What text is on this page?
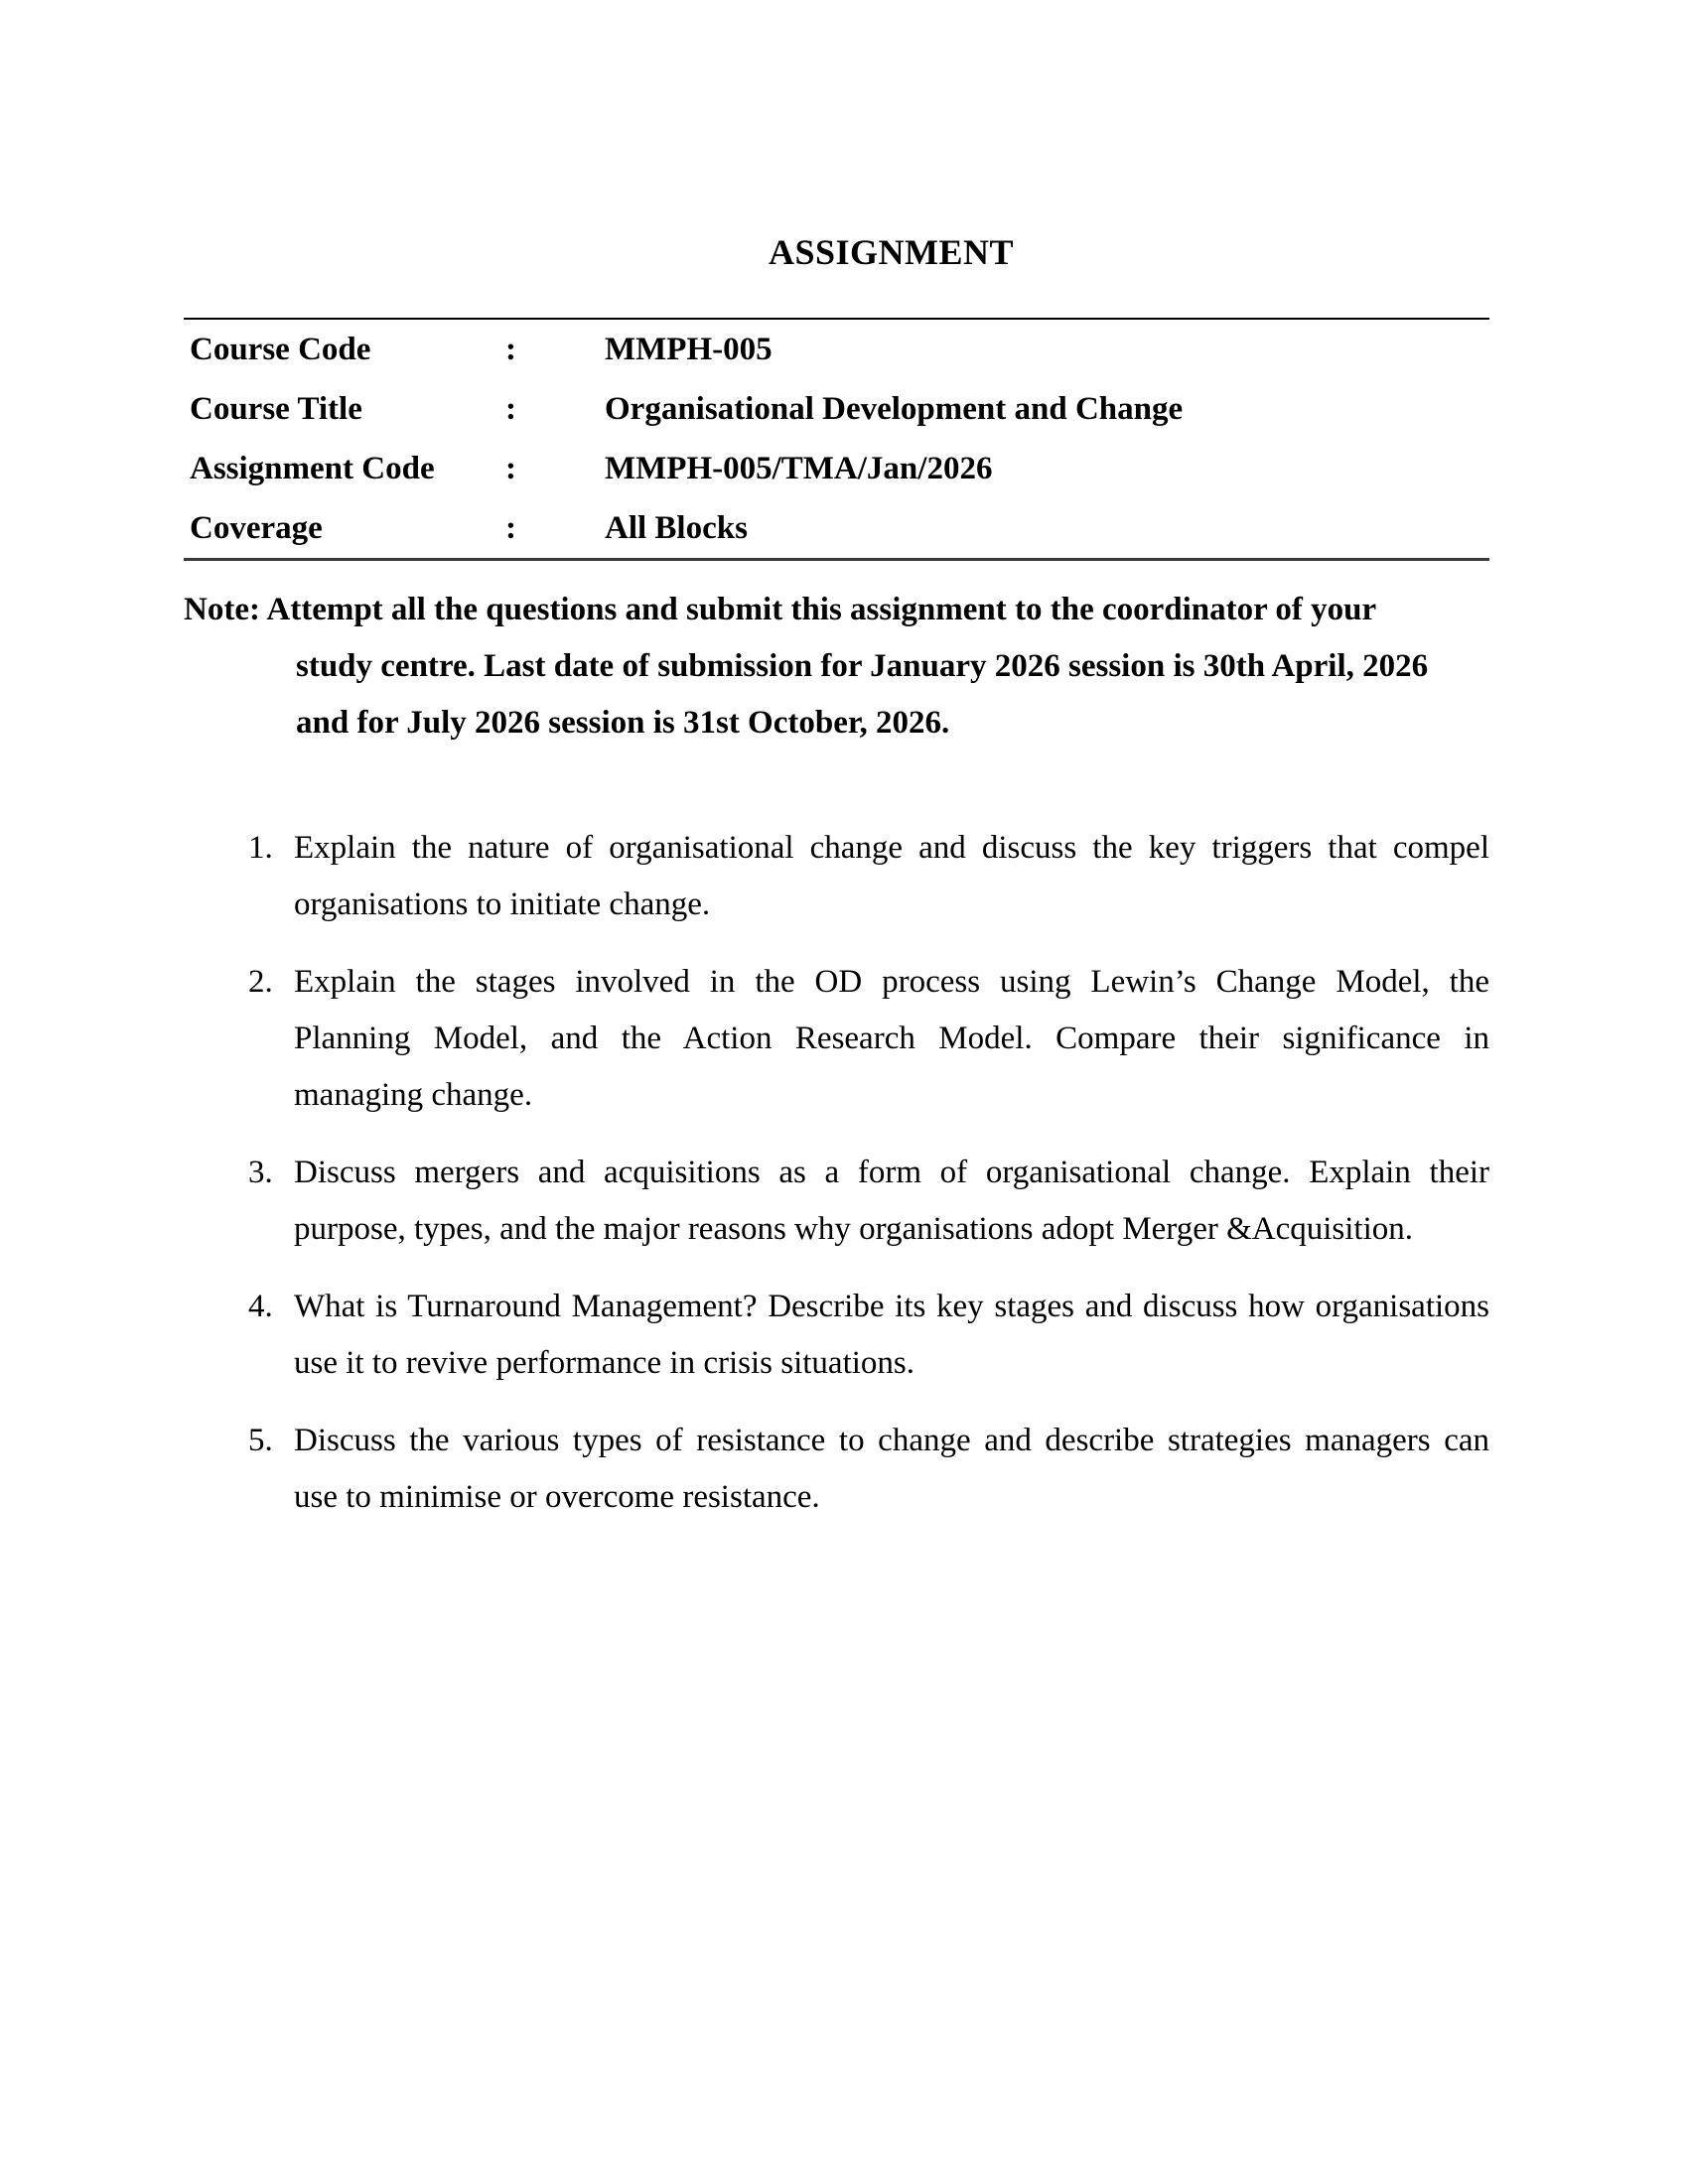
ASSIGNMENT
Course Code	:	MMPH-005
Course Title	:	Organisational Development and Change
Assignment Code	:	MMPH-005/TMA/Jan/2026
Coverage	:	All Blocks
Note: Attempt all the questions and submit this assignment to the coordinator of your
study centre. Last date of submission for January 2026 session is 30th April, 2026
and for July 2026 session is 31st October, 2026.
1. Explain the nature of organisational change and discuss the key triggers that compel
organisations to initiate change.
2. Explain the stages involved in the OD process using Lewin’s Change Model, the
Planning Model, and the Action Research Model. Compare their significance in
managing change.
3. Discuss mergers and acquisitions as a form of organisational change. Explain their
purpose, types, and the major reasons why organisations adopt Merger &Acquisition.
4. What is Turnaround Management? Describe its key stages and discuss how organisations
use it to revive performance in crisis situations.
5. Discuss the various types of resistance to change and describe strategies managers can
use to minimise or overcome resistance.
